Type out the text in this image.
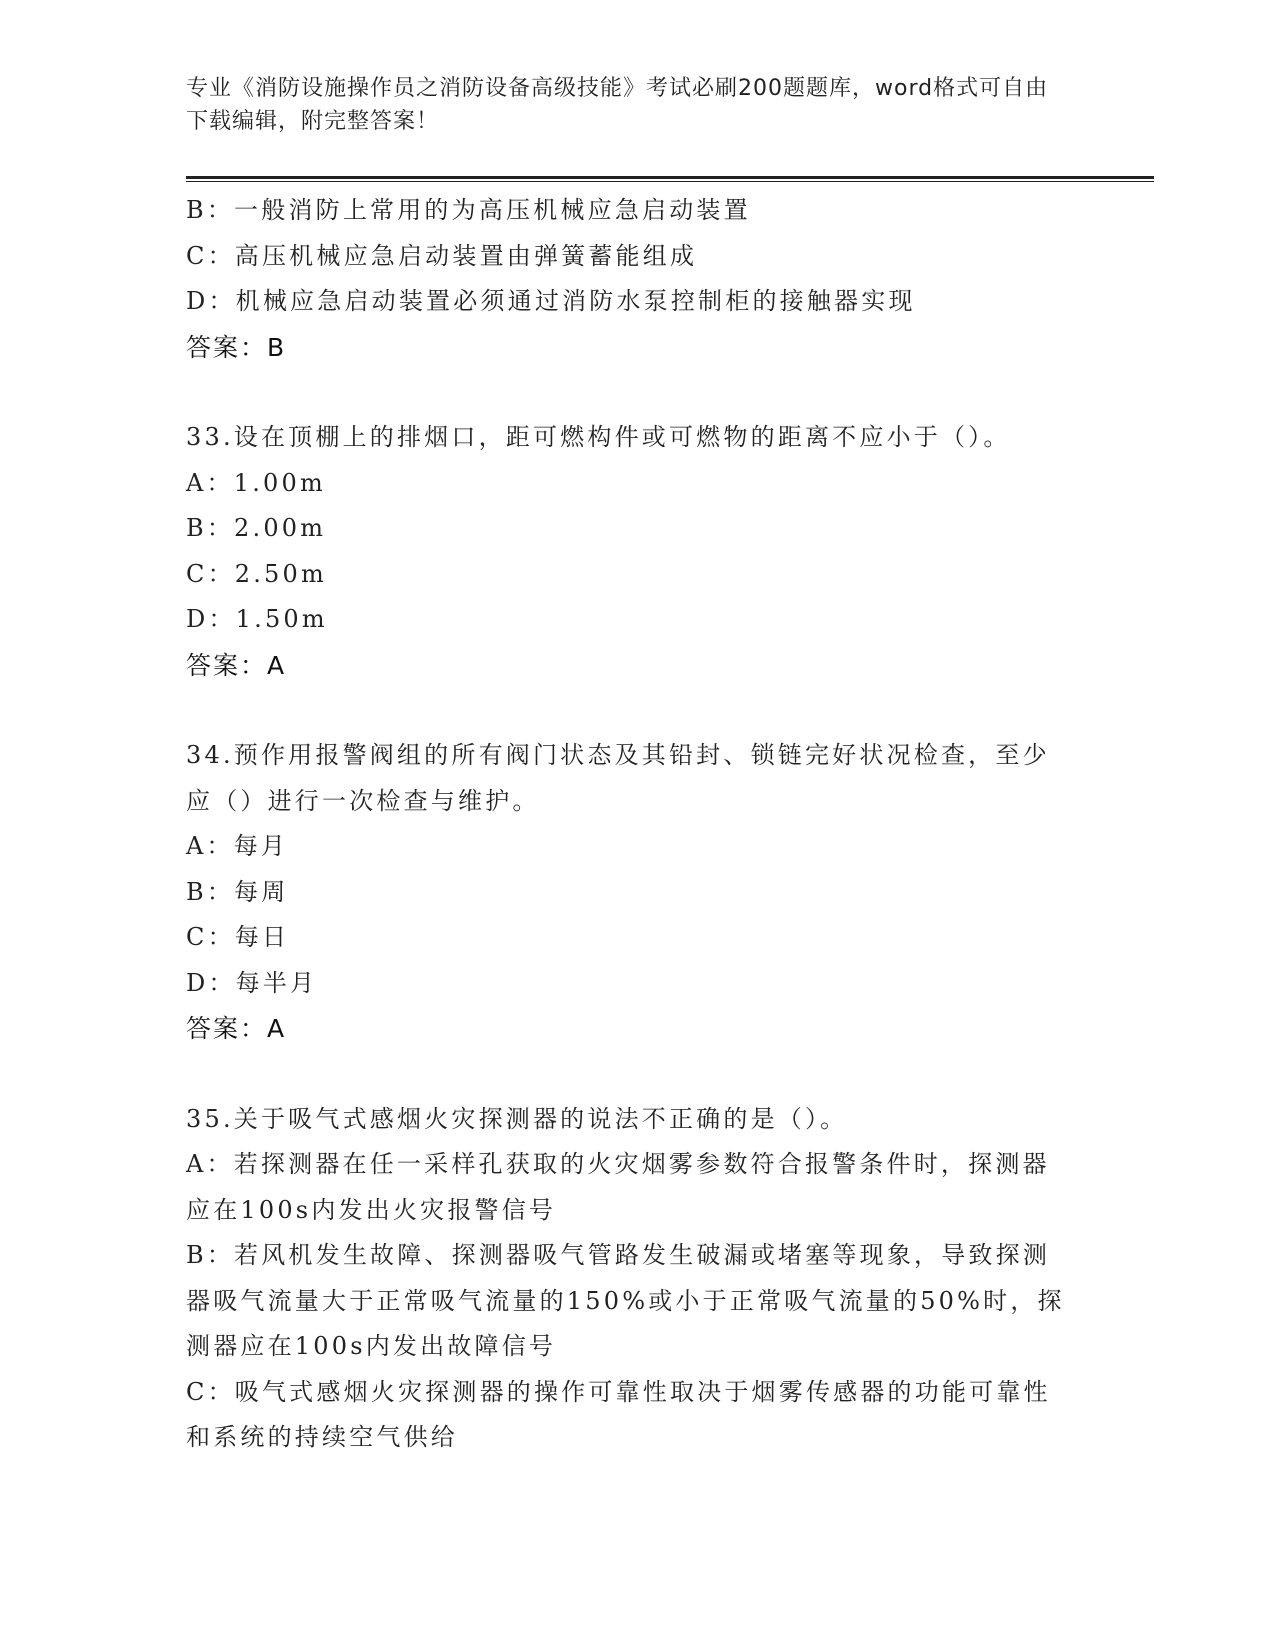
专业《消防设施操作员之消防设备高级技能》考试必刷200题题库，word格式可自由下载编辑，附完整答案！
B：一般消防上常用的为高压机械应急启动装置
C：高压机械应急启动装置由弹簧蓄能组成
D：机械应急启动装置必须通过消防水泵控制柜的接触器实现
答案：B
33.设在顶棚上的排烟口，距可燃构件或可燃物的距离不应小于（）。
A：1.00m
B：2.00m
C：2.50m
D：1.50m
答案：A
34.预作用报警阀组的所有阀门状态及其铅封、锁链完好状况检查，至少应（）进行一次检查与维护。
A：每月
B：每周
C：每日
D：每半月
答案：A
35.关于吸气式感烟火灾探测器的说法不正确的是（）。
A：若探测器在任一采样孔获取的火灾烟雾参数符合报警条件时，探测器应在100s内发出火灾报警信号
B：若风机发生故障、探测器吸气管路发生破漏或堵塞等现象，导致探测器吸气流量大于正常吸气流量的150%或小于正常吸气流量的50%时，探测器应在100s内发出故障信号
C：吸气式感烟火灾探测器的操作可靠性取决于烟雾传感器的功能可靠性和系统的持续空气供给
